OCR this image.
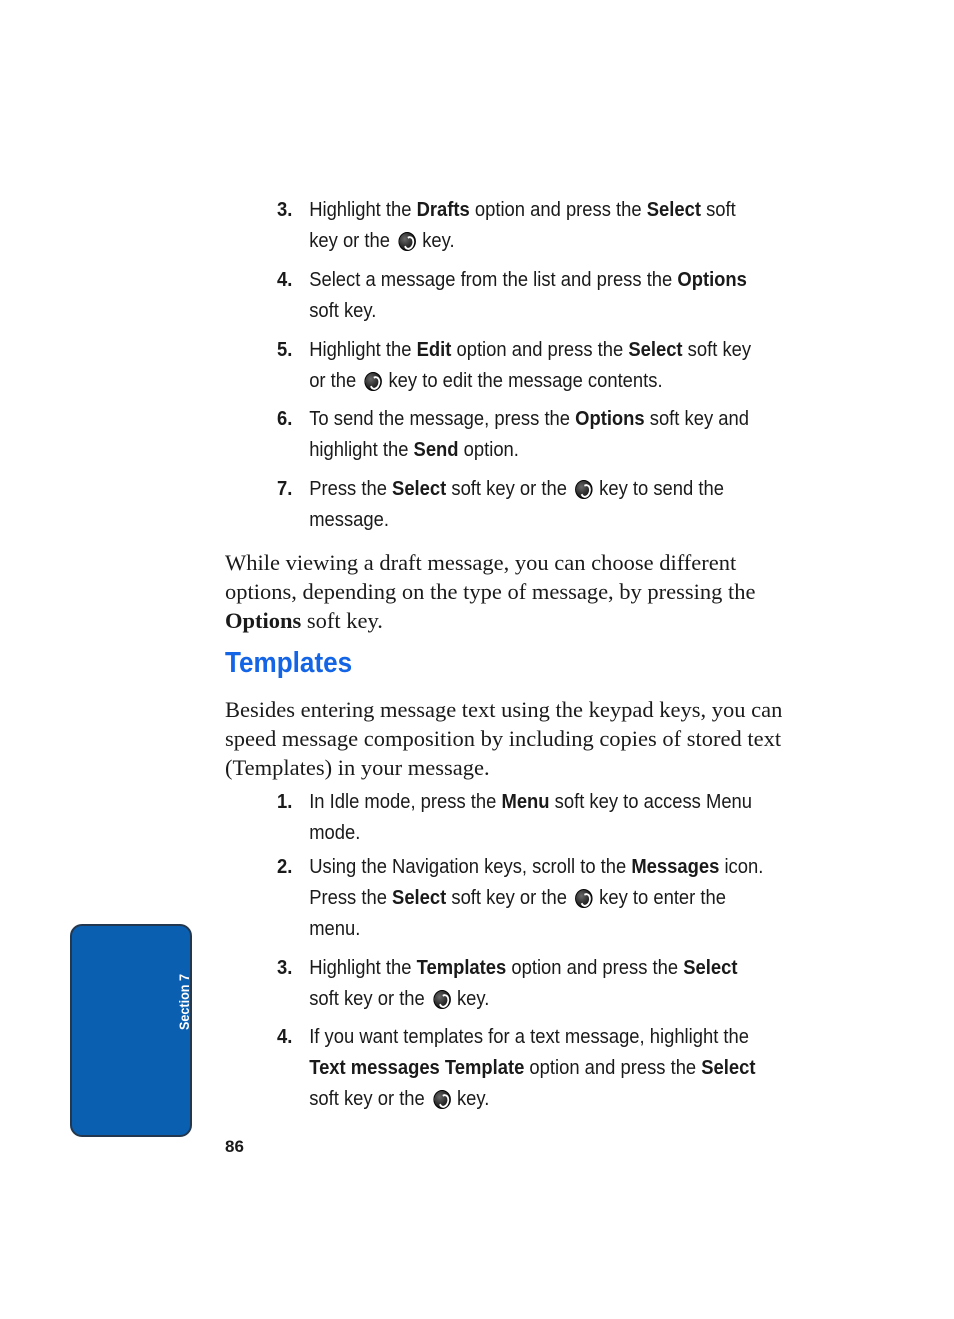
3. Highlight the Drafts option and press the Select soft key or the key.
4. Select a message from the list and press the Options soft key.
5. Highlight the Edit option and press the Select soft key or the key to edit the message contents.
6. To send the message, press the Options soft key and highlight the Send option.
7. Press the Select soft key or the key to send the message.
While viewing a draft message, you can choose different options, depending on the type of message, by pressing the Options soft key.
Templates
Besides entering message text using the keypad keys, you can speed message composition by including copies of stored text (Templates) in your message.
1. In Idle mode, press the Menu soft key to access Menu mode.
2. Using the Navigation keys, scroll to the Messages icon. Press the Select soft key or the key to enter the menu.
3. Highlight the Templates option and press the Select soft key or the key.
4. If you want templates for a text message, highlight the Text messages Template option and press the Select soft key or the key.
Section 7
86
